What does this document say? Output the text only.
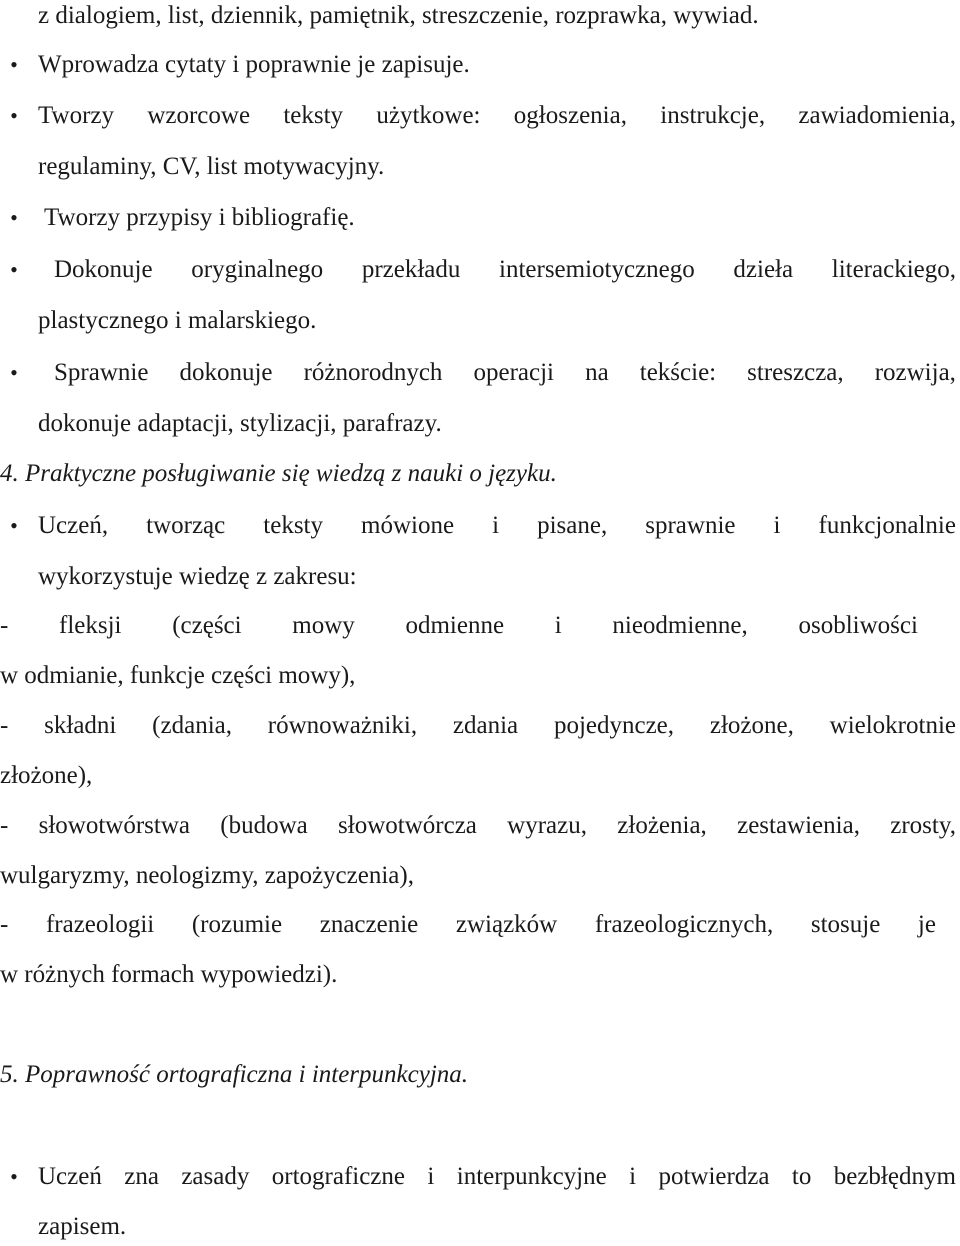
z dialogiem, list, dziennik, pamiętnik, streszczenie, rozprawka, wywiad.
• Wprowadza cytaty i poprawnie je zapisuje.
• Tworzy wzorcowe teksty użytkowe: ogłoszenia, instrukcje, zawiadomienia,
regulaminy, CV, list motywacyjny.
•	Tworzy przypisy i bibliografię.
•	Dokonuje oryginalnego przekładu intersemiotycznego dzieła literackiego,
plastycznego i malarskiego.
•	Sprawnie dokonuje różnorodnych operacji na tekście: streszcza, rozwija,
dokonuje adaptacji, stylizacji, parafrazy.
4. Praktyczne posługiwanie się wiedzą z nauki o języku.
• Uczeń, tworząc teksty mówione i pisane, sprawnie i funkcjonalnie
wykorzystuje wiedzę z zakresu:
- fleksji (części mowy odmienne i nieodmienne, osobliwości
w odmianie, funkcje części mowy),
- składni (zdania, równoważniki, zdania pojedyncze, złożone, wielokrotnie
złożone),
- słowotwórstwa (budowa słowotwórcza wyrazu, złożenia, zestawienia, zrosty,
wulgaryzmy, neologizmy, zapożyczenia),
- frazeologii (rozumie znaczenie związków frazeologicznych, stosuje je
w różnych formach wypowiedzi).
5. Poprawność ortograficzna i interpunkcyjna.
• Uczeń zna zasady ortograficzne i interpunkcyjne i potwierdza to bezbłędnym
zapisem.
